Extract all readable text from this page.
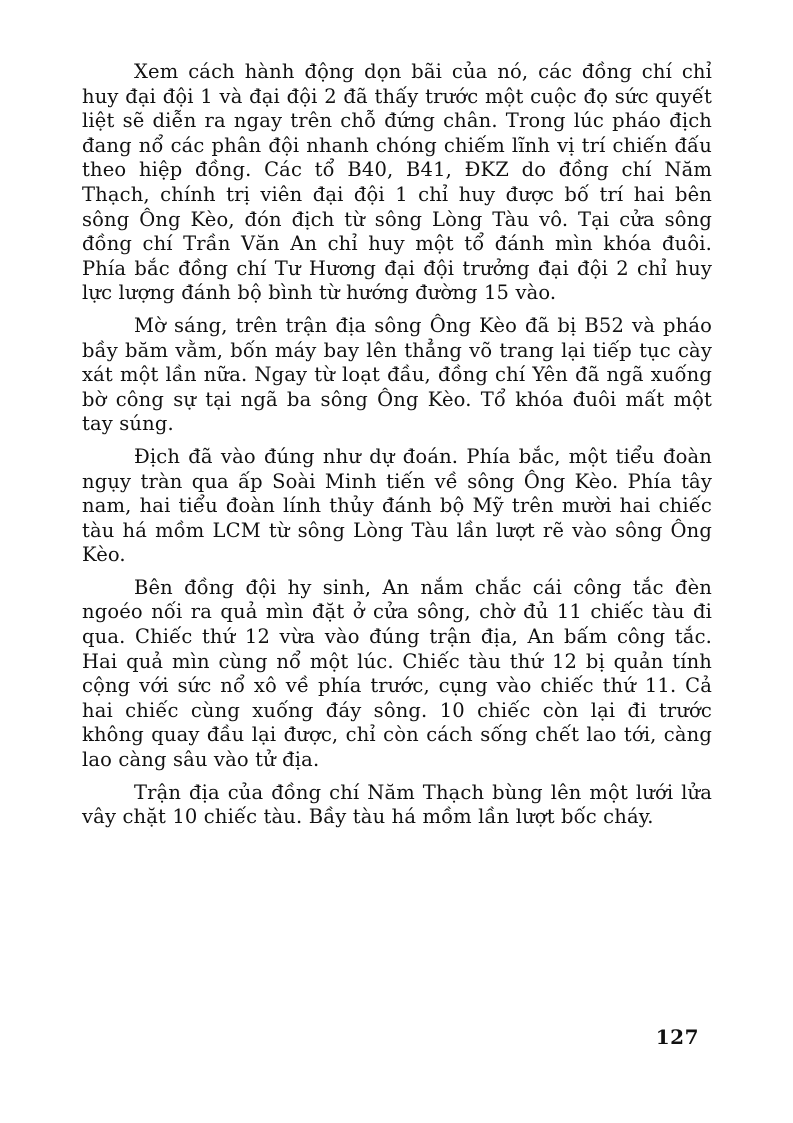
Xem cách hành động dọn bãi của nó, các đồng chí chỉ huy đại đội 1 và đại đội 2 đã thấy trước một cuộc đọ sức quyết liệt sẽ diễn ra ngay trên chỗ đứng chân. Trong lúc pháo địch đang nổ các phân đội nhanh chóng chiếm lĩnh vị trí chiến đấu theo hiệp đồng. Các tổ B40, B41, ĐKZ do đồng chí Năm Thạch, chính trị viên đại đội 1 chỉ huy được bố trí hai bên sông Ông Kèo, đón địch từ sông Lòng Tàu vô. Tại cửa sông đồng chí Trần Văn An chỉ huy một tổ đánh mìn khóa đuôi. Phía bắc đồng chí Tư Hương đại đội trưởng đại đội 2 chỉ huy lực lượng đánh bộ bình từ hướng đường 15 vào.

Mờ sáng, trên trận địa sông Ông Kèo đã bị B52 và pháo bầy băm vằm, bốn máy bay lên thẳng võ trang lại tiếp tục cày xát một lần nữa. Ngay từ loạt đầu, đồng chí Yên đã ngã xuống bờ công sự tại ngã ba sông Ông Kèo. Tổ khóa đuôi mất một tay súng.

Địch đã vào đúng như dự đoán. Phía bắc, một tiểu đoàn ngụy tràn qua ấp Soài Minh tiến về sông Ông Kèo. Phía tây nam, hai tiểu đoàn lính thủy đánh bộ Mỹ trên mười hai chiếc tàu há mồm LCM từ sông Lòng Tàu lần lượt rẽ vào sông Ông Kèo.

Bên đồng đội hy sinh, An nắm chắc cái công tắc đèn ngoéo nối ra quả mìn đặt ở cửa sông, chờ đủ 11 chiếc tàu đi qua. Chiếc thứ 12 vừa vào đúng trận địa, An bấm công tắc. Hai quả mìn cùng nổ một lúc. Chiếc tàu thứ 12 bị quản tính cộng với sức nổ xô về phía trước, cụng vào chiếc thứ 11. Cả hai chiếc cùng xuống đáy sông. 10 chiếc còn lại đi trước không quay đầu lại được, chỉ còn cách sống chết lao tới, càng lao càng sâu vào tử địa.

Trận địa của đồng chí Năm Thạch bùng lên một lưới lửa vây chặt 10 chiếc tàu. Bầy tàu há mồm lần lượt bốc cháy.

127
